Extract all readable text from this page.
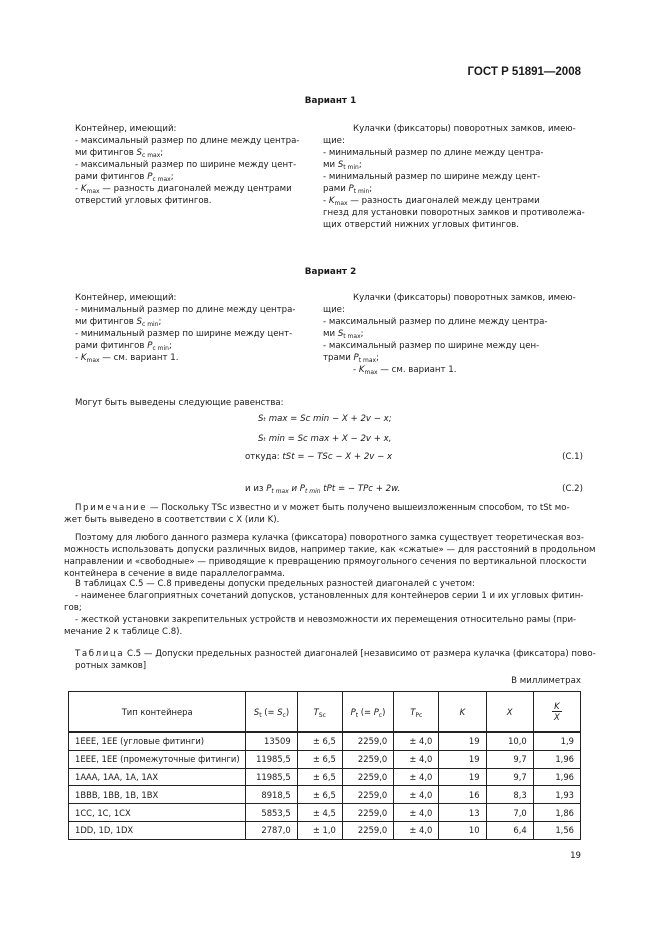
ГОСТ Р 51891—2008
Вариант 1
Контейнер, имеющий:
- максимальный размер по длине между центра-
ми фитингов $S_{c max}$;
- максимальный размер по ширине между цент-
рами фитингов $P_{c max}$;
- $K_{max}$ — разность диагоналей между центрами
отверстий угловых фитингов.
Кулачки (фиксаторы) поворотных замков, имею-
щие:
- минимальный размер по длине между центра-
ми $S_{t min}$;
- минимальный размер по ширине между цент-
рами $P_{t min}$;
- $K_{max}$ — разность диагоналей между центрами
гнезд для установки поворотных замков и противолежа-
щих отверстий нижних угловых фитингов.
Вариант 2
Контейнер, имеющий:
- минимальный размер по длине между центра-
ми фитингов $S_{c min}$;
- минимальный размер по ширине между цент-
рами фитингов $P_{c min}$;
- $K_{max}$ — см. вариант 1.
Кулачки (фиксаторы) поворотных замков, имею-
щие:
- максимальный размер по длине между центра-
ми $S_{t max}$;
- максимальный размер по ширине между цен-
трами $P_{t max}$;
- $K_{max}$ — см. вариант 1.
Могут быть выведены следующие равенства:
Sₜ max = Sc min − X + 2v − x;
Sₜ min = Sc max + X − 2v + x,
откуда: tSt = − TSc − X + 2v − x	(С.1)
и из $P_{t max}$ и $P_{t min}$ tPt = − TPc + 2w.	(С.2)
Примечание — Поскольку TSc известно и v может быть получено вышеизложенным способом, то tSt мо-
жет быть выведено в соответствии с X (или K).
Поэтому для любого данного размера кулачка (фиксатора) поворотного замка существует теоретическая воз-
можность использовать допуски различных видов, например такие, как «сжатые» — для расстояний в продольном
направлении и «свободные» — приводящие к превращению прямоугольного сечения по вертикальной плоскости
контейнера в сечение в виде параллелограмма.
В таблицах С.5 — С.8 приведены допуски предельных разностей диагоналей с учетом:
- наименее благоприятных сочетаний допусков, установленных для контейнеров серии 1 и их угловых фитин-
гов;
- жесткой установки закрепительных устройств и невозможности их перемещения относительно рамы (при-
мечание 2 к таблице С.8).
Таблица С.5 — Допуски предельных разностей диагоналей [независимо от размера кулачка (фиксатора) пово-
ротных замков]
В миллиметрах
Тип контейнера	$S_t$ (= $S_c$)	$T_{Sc}$	$P_t$ (= $P_c$)	$T_{Pc}$	K	X	$\frac{K}{X}$

1ЕЕЕ, 1ЕЕ (угловые фитинги)	13509	± 6,5	2259,0	± 4,0	19	10,0	1,9
1ЕЕЕ, 1ЕЕ (промежуточные фитинги)	11985,5	± 6,5	2259,0	± 4,0	19	9,7	1,96
1ААА, 1АА, 1А, 1АХ	11985,5	± 6,5	2259,0	± 4,0	19	9,7	1,96
1ВВВ, 1ВВ, 1В, 1ВХ	8918,5	± 6,5	2259,0	± 4,0	16	8,3	1,93
1СС, 1С, 1СХ	5853,5	± 4,5	2259,0	± 4,0	13	7,0	1,86
1DD, 1D, 1DX	2787,0	± 1,0	2259,0	± 4,0	10	6,4	1,56
19
